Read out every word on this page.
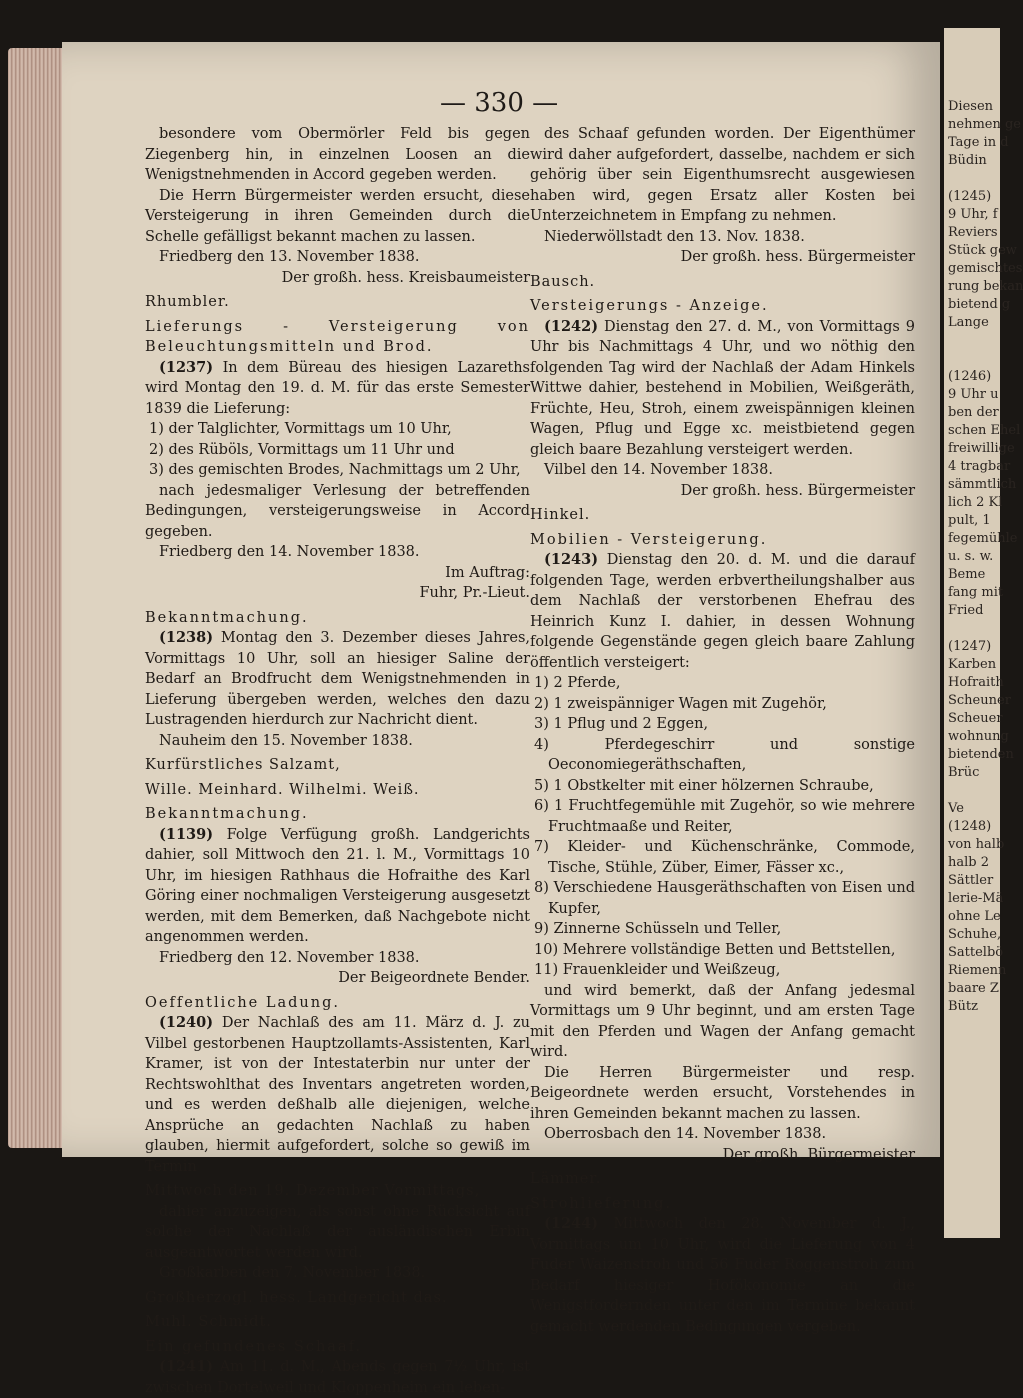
Diesen
nehmen ge
Tage in d
Büdin

(1245)
9 Uhr, f
Reviers
Stück gew
gemischtes
rung bekan
bietend g
Lange

(1246)
9 Uhr u
ben der
schen Ehel
freiwillige
4 tragbar
sämmtlich
lich 2 Kl
pult, 1
fegemühle
u. s. w.
Beme
fang mit
Fried

(1247)
Karben
Hofraith
Scheuner
Scheuer
wohnung
bietenden
Brüc

Ve
(1248)
von halb
halb 2
Sättler
lerie-Mä
ohne Le
Schuhe,
Sattelbö
Riemenn
baare Z
Bütz
— 330 —

besondere vom Obermörler Feld bis gegen Ziegenberg hin, in einzelnen Loosen an die Wenigstnehmenden in Accord gegeben werden.

Die Herrn Bürgermeister werden ersucht, diese Versteigerung in ihren Gemeinden durch die Schelle gefälligst bekannt machen zu lassen.

Friedberg den 13. November 1838.

Der großh. hess. Kreisbaumeister

Rhumbler.

Lieferungs - Versteigerung von Beleuchtungsmitteln und Brod.

(1237) In dem Büreau des hiesigen Lazareths wird Montag den 19. d. M. für das erste Semester 1839 die Lieferung:

1) der Talglichter, Vormittags um 10 Uhr,

2) des Rüböls, Vormittags um 11 Uhr und

3) des gemischten Brodes, Nachmittags um 2 Uhr,

nach jedesmaliger Verlesung der betreffenden Bedingungen, versteigerungsweise in Accord gegeben.

Friedberg den 14. November 1838.

Im Auftrag:

Fuhr, Pr.-Lieut.

Bekanntmachung.

(1238) Montag den 3. Dezember dieses Jahres, Vormittags 10 Uhr, soll an hiesiger Saline der Bedarf an Brodfrucht dem Wenigstnehmenden in Lieferung übergeben werden, welches den dazu Lustragenden hierdurch zur Nachricht dient.

Nauheim den 15. November 1838.

Kurfürstliches Salzamt,

Wille. Meinhard. Wilhelmi. Weiß.

Bekanntmachung.

(1139) Folge Verfügung großh. Landgerichts dahier, soll Mittwoch den 21. l. M., Vormittags 10 Uhr, im hiesigen Rathhaus die Hofraithe des Karl Göring einer nochmaligen Versteigerung ausgesetzt werden, mit dem Bemerken, daß Nachgebote nicht angenommen werden.

Friedberg den 12. November 1838.

Der Beigeordnete Bender.

Oeffentliche Ladung.

(1240) Der Nachlaß des am 11. März d. J. zu Vilbel gestorbenen Hauptzollamts-Assistenten, Karl Kramer, ist von der Intestaterbin nur unter der Rechtswohlthat des Inventars angetreten worden, und es werden deßhalb alle diejenigen, welche Ansprüche an gedachten Nachlaß zu haben glauben, hiermit aufgefordert, solche so gewiß im Termin

Mittwoch den 19. Dezember Vormittags,

dahier anzuzeigen, als sonst ohne Rücksicht auf solche der Nachlaß der ausländischen Erbin ausgeantwortet werden wird.

Großkarben den 7. November 1838.

Großherzogl. hess. Landgericht das.

Muhl. Schmidt.

Ein gefundenes Schaaf.

(1241) Am 11. d. M., Abends gegen 7½ Uhr, ist zwischen Dortelweil und Kloppenheim ein leben-

des Schaaf gefunden worden. Der Eigenthümer wird daher aufgefordert, dasselbe, nachdem er sich gehörig über sein Eigenthumsrecht ausgewiesen haben wird, gegen Ersatz aller Kosten bei Unterzeichnetem in Empfang zu nehmen.

Niederwöllstadt den 13. Nov. 1838.

Der großh. hess. Bürgermeister

Bausch.

Versteigerungs - Anzeige.

(1242) Dienstag den 27. d. M., von Vormittags 9 Uhr bis Nachmittags 4 Uhr, und wo nöthig den folgenden Tag wird der Nachlaß der Adam Hinkels Wittwe dahier, bestehend in Mobilien, Weißgeräth, Früchte, Heu, Stroh, einem zweispännigen kleinen Wagen, Pflug und Egge xc. meistbietend gegen gleich baare Bezahlung versteigert werden.

Vilbel den 14. November 1838.

Der großh. hess. Bürgermeister

Hinkel.

Mobilien - Versteigerung.

(1243) Dienstag den 20. d. M. und die darauf folgenden Tage, werden erbvertheilungshalber aus dem Nachlaß der verstorbenen Ehefrau des Heinrich Kunz I. dahier, in dessen Wohnung folgende Gegenstände gegen gleich baare Zahlung öffentlich versteigert:

1) 2 Pferde,

2) 1 zweispänniger Wagen mit Zugehör,

3) 1 Pflug und 2 Eggen,

4) Pferdegeschirr und sonstige Oeconomiegeräthschaften,

5) 1 Obstkelter mit einer hölzernen Schraube,

6) 1 Fruchtfegemühle mit Zugehör, so wie mehrere Fruchtmaaße und Reiter,

7) Kleider- und Küchenschränke, Commode, Tische, Stühle, Züber, Eimer, Fässer xc.,

8) Verschiedene Hausgeräthschaften von Eisen und Kupfer,

9) Zinnerne Schüsseln und Teller,

10) Mehrere vollständige Betten und Bettstellen,

11) Frauenkleider und Weißzeug,

und wird bemerkt, daß der Anfang jedesmal Vormittags um 9 Uhr beginnt, und am ersten Tage mit den Pferden und Wagen der Anfang gemacht wird.

Die Herren Bürgermeister und resp. Beigeordnete werden ersucht, Vorstehendes in ihren Gemeinden bekannt machen zu lassen.

Oberrosbach den 14. November 1838.

Der großh. Bürgermeister

Lämmer.

Strohlieferung.

(1244) Mittwoch den 28. November d. J., Vormittags um 10 Uhr, wird die Lieferung von 4 Fuder Waizenstroh und 56 Fuder Roggenstroh zum Bedarf hiesiger Hofökonomie an die Wenigstfordernden unter den im Termine bekannt gemacht werdenden Bedingungen vergeben.
